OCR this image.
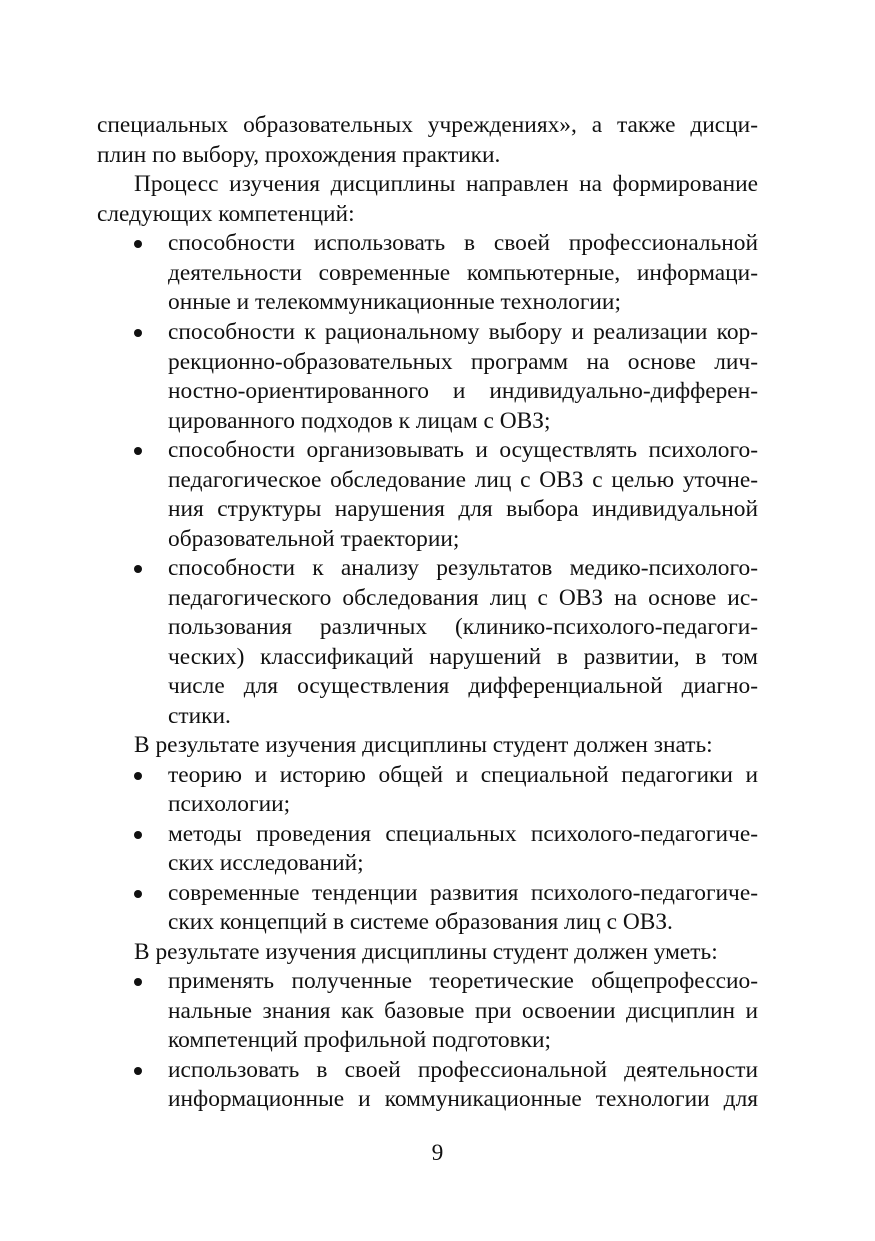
специальных образовательных учреждениях», а также дисци-
плин по выбору, прохождения практики.
Процесс изучения дисциплины направлен на формирование
следующих компетенций:
способности использовать в своей профессиональной
деятельности современные компьютерные, информаци-
онные и телекоммуникационные технологии;
способности к рациональному выбору и реализации кор-
рекционно-образовательных программ на основе лич-
ностно-ориентированного и индивидуально-дифферен-
цированного подходов к лицам с ОВЗ;
способности организовывать и осуществлять психолого-
педагогическое обследование лиц с ОВЗ с целью уточне-
ния структуры нарушения для выбора индивидуальной
образовательной траектории;
способности к анализу результатов медико-психолого-
педагогического обследования лиц с ОВЗ на основе ис-
пользования различных (клинико-психолого-педагоги-
ческих) классификаций нарушений в развитии, в том
числе для осуществления дифференциальной диагно-
стики.
В результате изучения дисциплины студент должен знать:
теорию и историю общей и специальной педагогики и
психологии;
методы проведения специальных психолого-педагогиче-
ских исследований;
современные тенденции развития психолого-педагогиче-
ских концепций в системе образования лиц с ОВЗ.
В результате изучения дисциплины студент должен уметь:
применять полученные теоретические общепрофессио-
нальные знания как базовые при освоении дисциплин и
компетенций профильной подготовки;
использовать в своей профессиональной деятельности
информационные и коммуникационные технологии для
9
